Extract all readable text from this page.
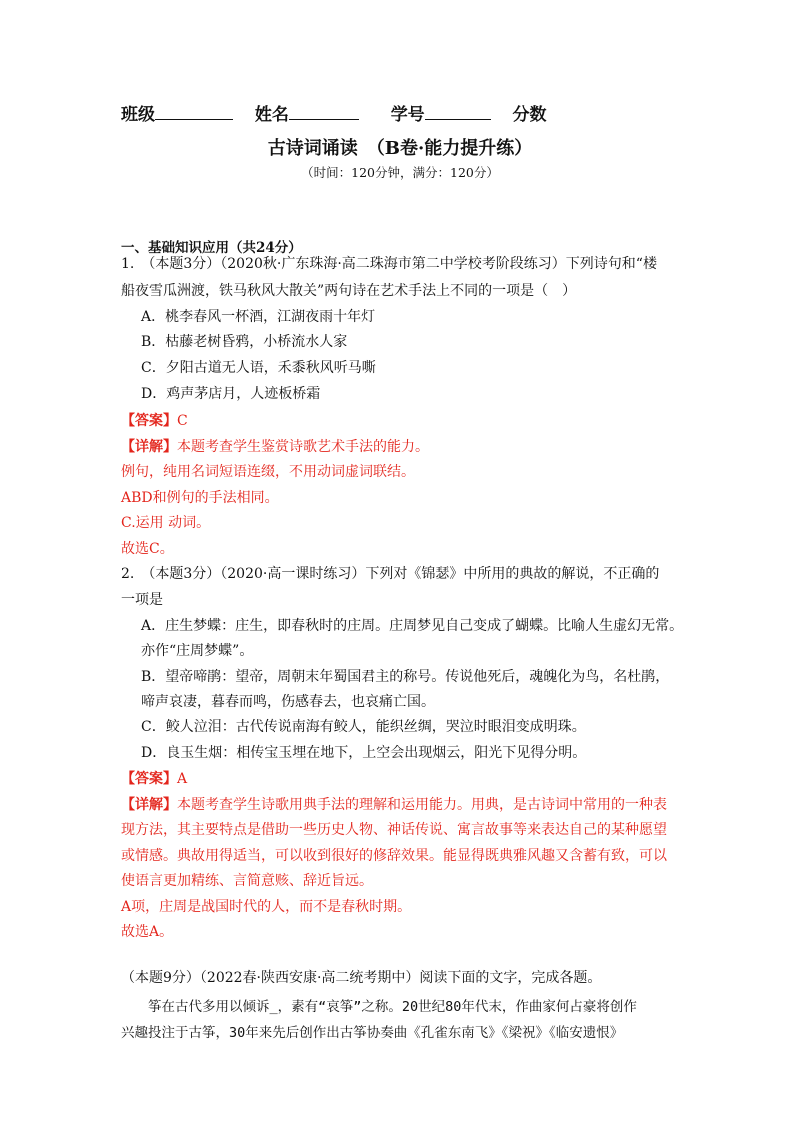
班级	姓名	学号	分数
古诗词诵读　（B卷·能力提升练）
（时间：120分钟，满分：120分）
一、基础知识应用（共24分）
1.　（本题3分）（2020秋·广东珠海·高二珠海市第二中学校考阶段练习）下列诗句和“楼
船夜雪瓜洲渡，铁马秋风大散关”两句诗在艺术手法上不同的一项是（　）
A．桃李春风一杯酒，江湖夜雨十年灯
B．枯藤老树昏鸦，小桥流水人家
C．夕阳古道无人语，禾黍秋风听马嘶
D．鸡声茅店月，人迹板桥霜
【答案】C
【详解】本题考查学生鉴赏诗歌艺术手法的能力。
例句，纯用名词短语连缀，不用动词虚词联结。
ABD和例句的手法相同。
C.运用 动词。
故选C。
2.　（本题3分）（2020·高一课时练习）下列对《锦瑟》中所用的典故的解说，不正确的
一项是
A．庄生梦蝶：庄生，即春秋时的庄周。庄周梦见自己变成了蝴蝶。比喻人生虚幻无常。
亦作“庄周梦蝶”。
B．望帝啼鹃：望帝，周朝末年蜀国君主的称号。传说他死后，魂魄化为鸟，名杜鹃，
啼声哀凄，暮春而鸣，伤感春去，也哀痛亡国。
C．鲛人泣泪：古代传说南海有鲛人，能织丝绸，哭泣时眼泪变成明珠。
D．良玉生烟：相传宝玉埋在地下，上空会出现烟云，阳光下见得分明。
【答案】A
【详解】本题考查学生诗歌用典手法的理解和运用能力。用典，是古诗词中常用的一种表
现方法，其主要特点是借助一些历史人物、神话传说、寓言故事等来表达自己的某种愿望
或情感。典故用得适当，可以收到很好的修辞效果。能显得既典雅风趣又含蓄有致，可以
使语言更加精练、言简意赅、辞近旨远。
A项，庄周是战国时代的人，而不是春秋时期。
故选A。
（本题9分）（2022春·陕西安康·高二统考期中）阅读下面的文字，完成各题。
　　筝在古代多用以倾诉_，素有“哀筝”之称。20世纪80年代末，作曲家何占豪将创作
兴趣投注于古筝，30年来先后创作出古筝协奏曲《孔雀东南飞》《梁祝》《临安遗恨》
